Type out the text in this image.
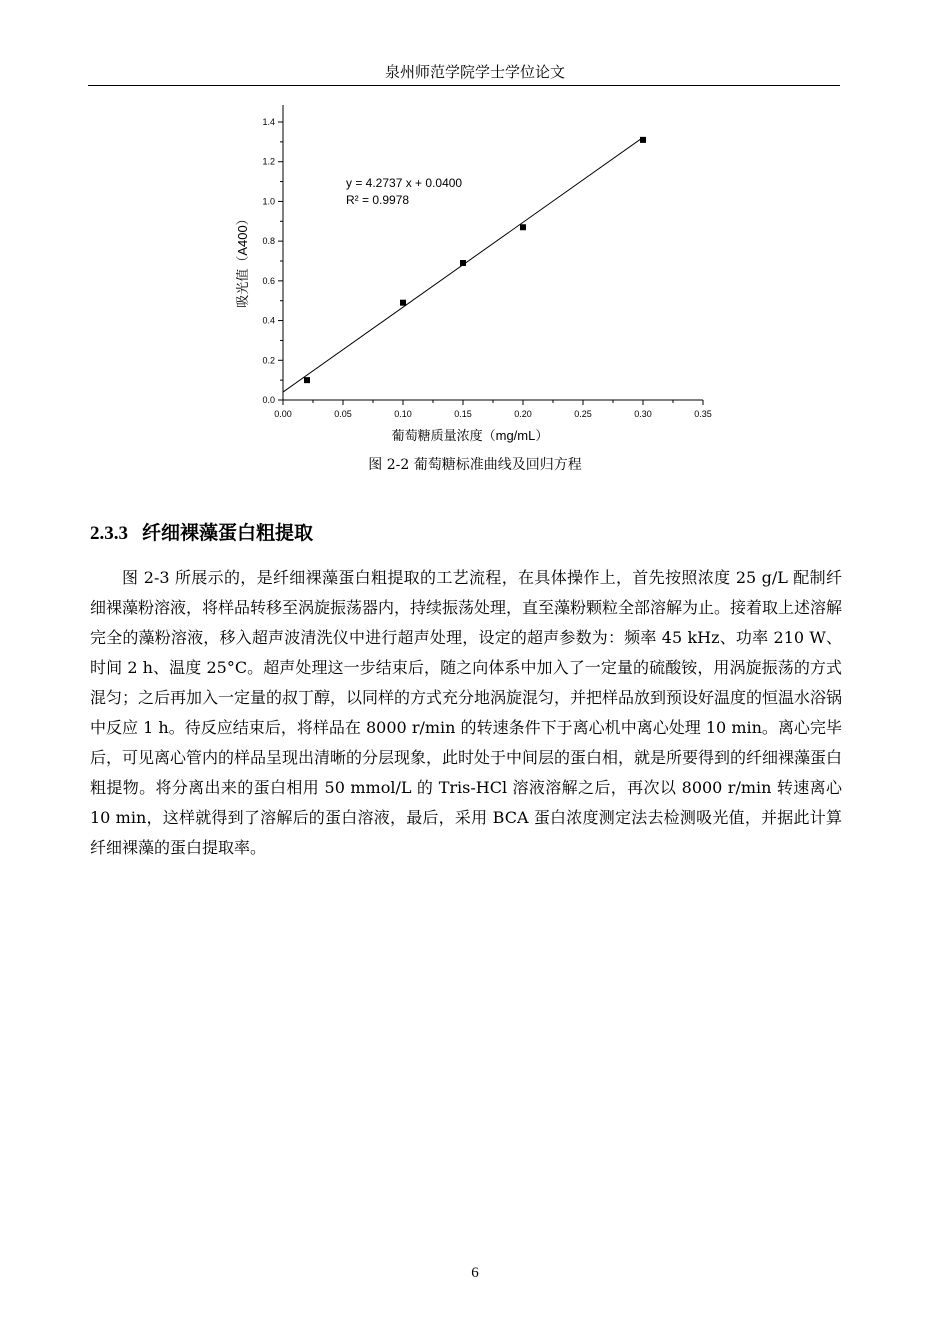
泉州师范学院学士学位论文
0.00	0.05	0.10	0.15	0.20	0.25	0.30	0.35
0.0
0.2
0.4
0.6
0.8
1.0
1.2
1.4
y = 4.2737 x + 0.0400
R² = 0.9978
葡萄糖质量浓度（mg/mL）
吸光值（A400）
图 2-2 葡萄糖标准曲线及回归方程
2.3.3 纤细裸藻蛋白粗提取

图 2-3 所展示的，是纤细裸藻蛋白粗提取的工艺流程，在具体操作上，首先按照浓度 25 g/L 配制纤细裸藻粉溶液，将样品转移至涡旋振荡器内，持续振荡处理，直至藻粉颗粒全部溶解为止。接着取上述溶解完全的藻粉溶液，移入超声波清洗仪中进行超声处理，设定的超声参数为：频率 45 kHz、功率 210 W、时间 2 h、温度 25°C。超声处理这一步结束后，随之向体系中加入了一定量的硫酸铵，用涡旋振荡的方式混匀；之后再加入一定量的叔丁醇，以同样的方式充分地涡旋混匀，并把样品放到预设好温度的恒温水浴锅中反应 1 h。待反应结束后，将样品在 8000 r/min 的转速条件下于离心机中离心处理 10 min。离心完毕后，可见离心管内的样品呈现出清晰的分层现象，此时处于中间层的蛋白相，就是所要得到的纤细裸藻蛋白粗提物。将分离出来的蛋白相用 50 mmol/L 的 Tris-HCl 溶液溶解之后，再次以 8000 r/min 转速离心 10 min，这样就得到了溶解后的蛋白溶液，最后，采用 BCA 蛋白浓度测定法去检测吸光值，并据此计算纤细裸藻的蛋白提取率。

6
